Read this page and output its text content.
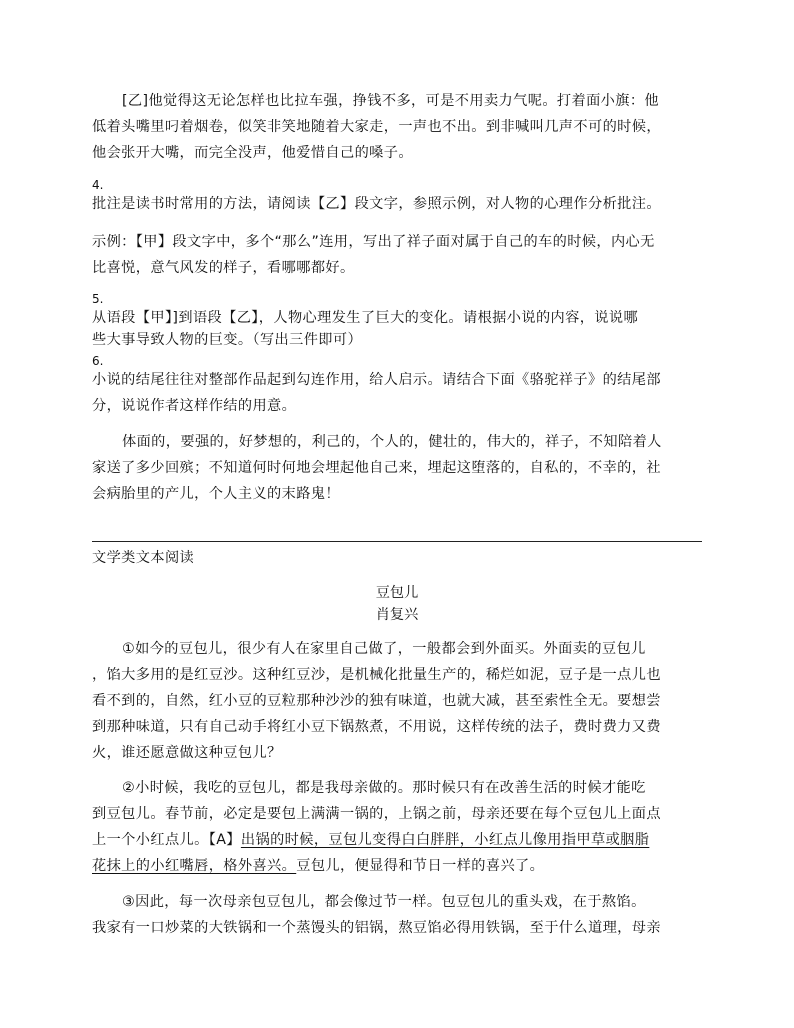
[乙]他觉得这无论怎样也比拉车强，挣钱不多，可是不用卖力气呢。打着面小旗：他
低着头嘴里叼着烟卷，似笑非笑地随着大家走，一声也不出。到非喊叫几声不可的时候，
他会张开大嘴，而完全没声，他爱惜自己的嗓子。

4.

批注是读书时常用的方法，请阅读【乙】段文字，参照示例，对人物的心理作分析批注。
示例：【甲】段文字中，多个“那么”连用，写出了祥子面对属于自己的车的时候，内心无
比喜悦，意气风发的样子，看哪哪都好。

5.

从语段【甲】]到语段【乙】，人物心理发生了巨大的变化。请根据小说的内容，说说哪
些大事导致人物的巨变。（写出三件即可）

6.

小说的结尾往往对整部作品起到勾连作用，给人启示。请结合下面《骆驼祥子》的结尾部
分，说说作者这样作结的用意。
体面的，要强的，好梦想的，利己的，个人的，健壮的，伟大的，祥子，不知陪着人
家送了多少回殡；不知道何时何地会埋起他自己来，埋起这堕落的，自私的，不幸的，社
会病胎里的产儿，个人主义的末路鬼！
文学类文本阅读
豆包儿
肖复兴
①如今的豆包儿，很少有人在家里自己做了，一般都会到外面买。外面卖的豆包儿
，馅大多用的是红豆沙。这种红豆沙，是机械化批量生产的，稀烂如泥，豆子是一点儿也
看不到的，自然，红小豆的豆粒那种沙沙的独有味道，也就大减，甚至索性全无。要想尝
到那种味道，只有自己动手将红小豆下锅熬煮，不用说，这样传统的法子，费时费力又费
火，谁还愿意做这种豆包儿？
②小时候，我吃的豆包儿，都是我母亲做的。那时候只有在改善生活的时候才能吃
到豆包儿。春节前，必定是要包上满满一锅的，上锅之前，母亲还要在每个豆包儿上面点
上一个小红点儿。【A】出锅的时候，豆包儿变得白白胖胖，小红点儿像用指甲草或胭脂
花抹上的小红嘴唇，格外喜兴。豆包儿，便显得和节日一样的喜兴了。
③因此，每一次母亲包豆包儿，都会像过节一样。包豆包儿的重头戏，在于熬馅。
我家有一口炒菜的大铁锅和一个蒸馒头的铝锅，熬豆馅必得用铁锅，至于什么道理，母亲
